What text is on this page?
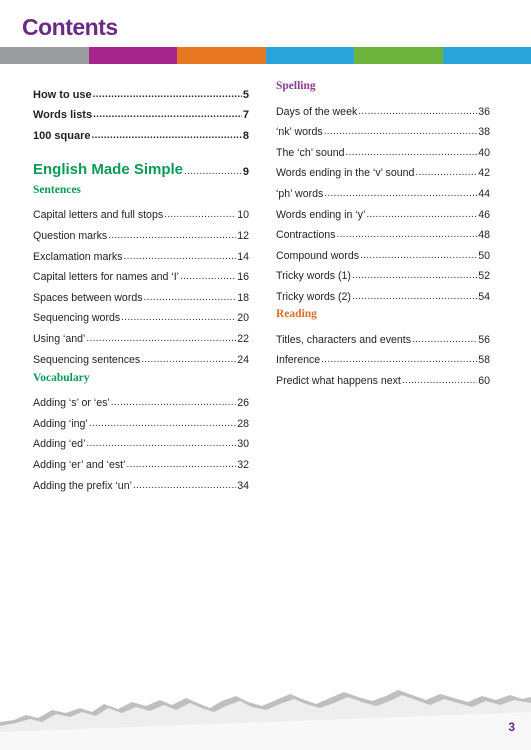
Contents
How to use .....	5
Words lists .....	7
100 square .....	8
English Made Simple .....	9
Sentences
Capital letters and full stops .....	10
Question marks .....	12
Exclamation marks .....	14
Capital letters for names and ‘I’ .....	16
Spaces between words .....	18
Sequencing words .....	20
Using ‘and’ .....	22
Sequencing sentences .....	24
Vocabulary
Adding ‘s’ or ‘es’ .....	26
Adding ‘ing’ .....	28
Adding ‘ed’ .....	30
Adding ‘er’ and ‘est’ .....	32
Adding the prefix ‘un’ .....	34
Spelling
Days of the week .....	36
‘nk’ words .....	38
The ‘ch’ sound .....	40
Words ending in the ‘v’ sound .....	42
‘ph’ words .....	44
Words ending in ‘y’ .....	46
Contractions .....	48
Compound words .....	50
Tricky words (1) .....	52
Tricky words (2) .....	54
Reading
Titles, characters and events .....	56
Inference .....	58
Predict what happens next .....	60
3
